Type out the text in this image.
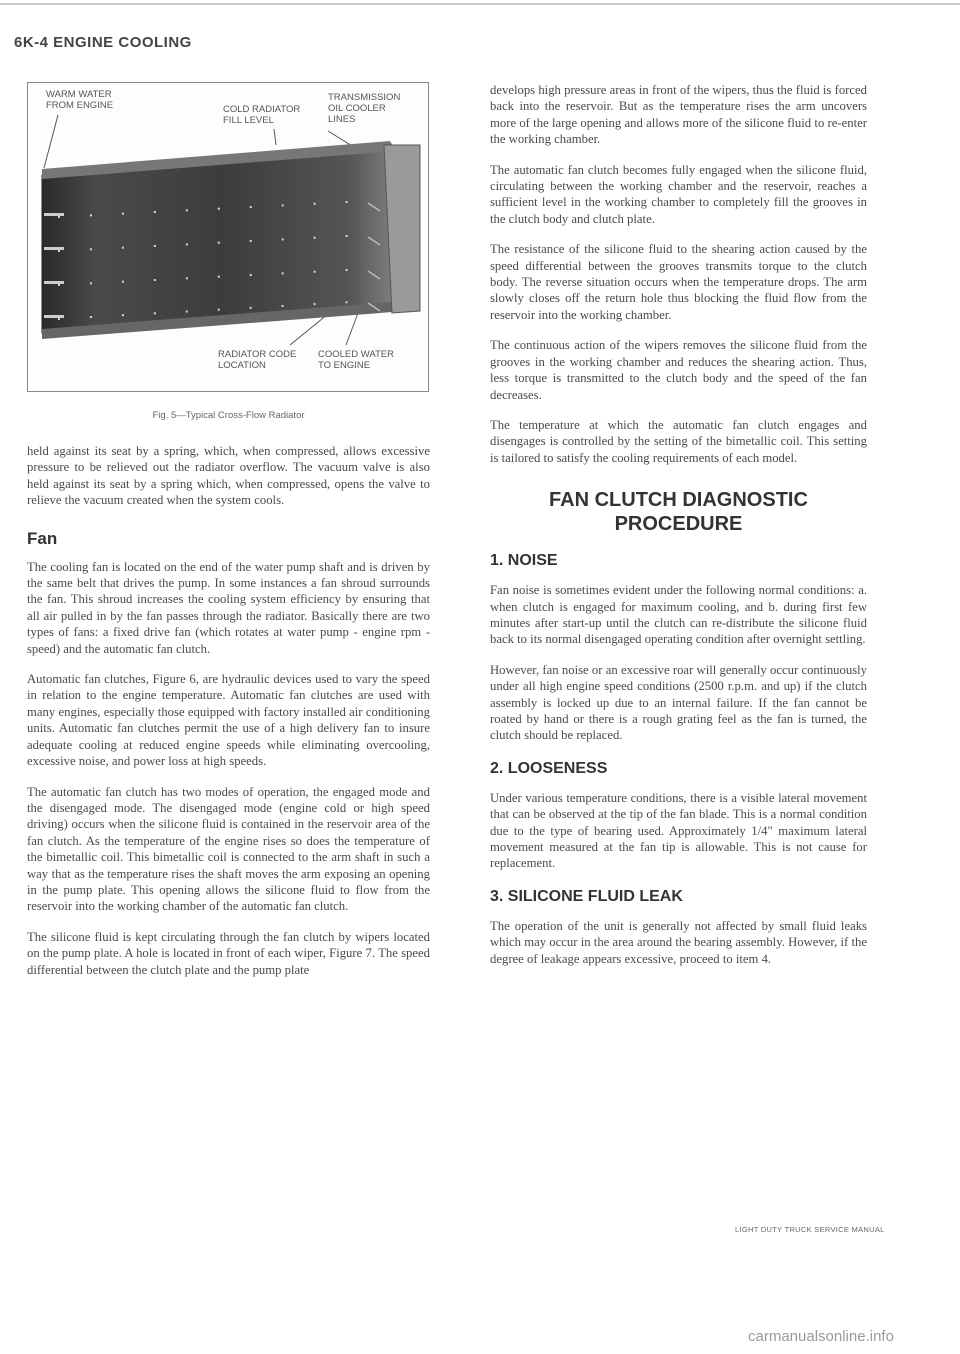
6K-4 ENGINE COOLING
WARM WATER
FROM ENGINE	COLD RADIATOR
FILL LEVEL
TRANSMISSION
OIL COOLER
LINES
RADIATOR CODE
LOCATION
COOLED WATER
TO ENGINE
Fig. 5—Typical Cross-Flow Radiator

held against its seat by a spring, which, when compressed, allows excessive pressure to be relieved out the radiator overflow. The vacuum valve is also held against its seat by a spring which, when compressed, opens the valve to relieve the vacuum created when the system cools.

Fan

The cooling fan is located on the end of the water pump shaft and is driven by the same belt that drives the pump. In some instances a fan shroud surrounds the fan. This shroud increases the cooling system efficiency by ensuring that all air pulled in by the fan passes through the radiator. Basically there are two types of fans: a fixed drive fan (which rotates at water pump - engine rpm - speed) and the automatic fan clutch.

Automatic fan clutches, Figure 6, are hydraulic devices used to vary the speed in relation to the engine temperature. Automatic fan clutches are used with many engines, especially those equipped with factory installed air conditioning units. Automatic fan clutches permit the use of a high delivery fan to insure adequate cooling at reduced engine speeds while eliminating overcooling, excessive noise, and power loss at high speeds.

The automatic fan clutch has two modes of operation, the engaged mode and the disengaged mode. The disengaged mode (engine cold or high speed driving) occurs when the silicone fluid is contained in the reservoir area of the fan clutch. As the temperature of the engine rises so does the temperature of the bimetallic coil. This bimetallic coil is connected to the arm shaft in such a way that as the temperature rises the shaft moves the arm exposing an opening in the pump plate. This opening allows the silicone fluid to flow from the reservoir into the working chamber of the automatic fan clutch.

The silicone fluid is kept circulating through the fan clutch by wipers located on the pump plate. A hole is located in front of each wiper, Figure 7. The speed differential between the clutch plate and the pump plate

develops high pressure areas in front of the wipers, thus the fluid is forced back into the reservoir. But as the temperature rises the arm uncovers more of the large opening and allows more of the silicone fluid to re-enter the working chamber.

The automatic fan clutch becomes fully engaged when the silicone fluid, circulating between the working chamber and the reservoir, reaches a sufficient level in the working chamber to completely fill the grooves in the clutch body and clutch plate.

The resistance of the silicone fluid to the shearing action caused by the speed differential between the grooves transmits torque to the clutch body. The reverse situation occurs when the temperature drops. The arm slowly closes off the return hole thus blocking the fluid flow from the reservoir into the working chamber.

The continuous action of the wipers removes the silicone fluid from the grooves in the working chamber and reduces the shearing action. Thus, less torque is transmitted to the clutch body and the speed of the fan decreases.

The temperature at which the automatic fan clutch engages and disengages is controlled by the setting of the bimetallic coil. This setting is tailored to satisfy the cooling requirements of each model.

FAN CLUTCH DIAGNOSTIC
PROCEDURE
1. NOISE

Fan noise is sometimes evident under the following normal conditions: a. when clutch is engaged for maximum cooling, and b. during first few minutes after start-up until the clutch can re-distribute the silicone fluid back to its normal disengaged operating condition after overnight settling.

However, fan noise or an excessive roar will generally occur continuously under all high engine speed conditions (2500 r.p.m. and up) if the clutch assembly is locked up due to an internal failure. If the fan cannot be roated by hand or there is a rough grating feel as the fan is turned, the clutch should be replaced.

2. LOOSENESS

Under various temperature conditions, there is a visible lateral movement that can be observed at the tip of the fan blade. This is a normal condition due to the type of bearing used. Approximately 1/4" maximum lateral movement measured at the fan tip is allowable. This is not cause for replacement.

3. SILICONE FLUID LEAK

The operation of the unit is generally not affected by small fluid leaks which may occur in the area around the bearing assembly. However, if the degree of leakage appears excessive, proceed to item 4.

LIGHT DUTY TRUCK SERVICE MANUAL
carmanualsonline.info
